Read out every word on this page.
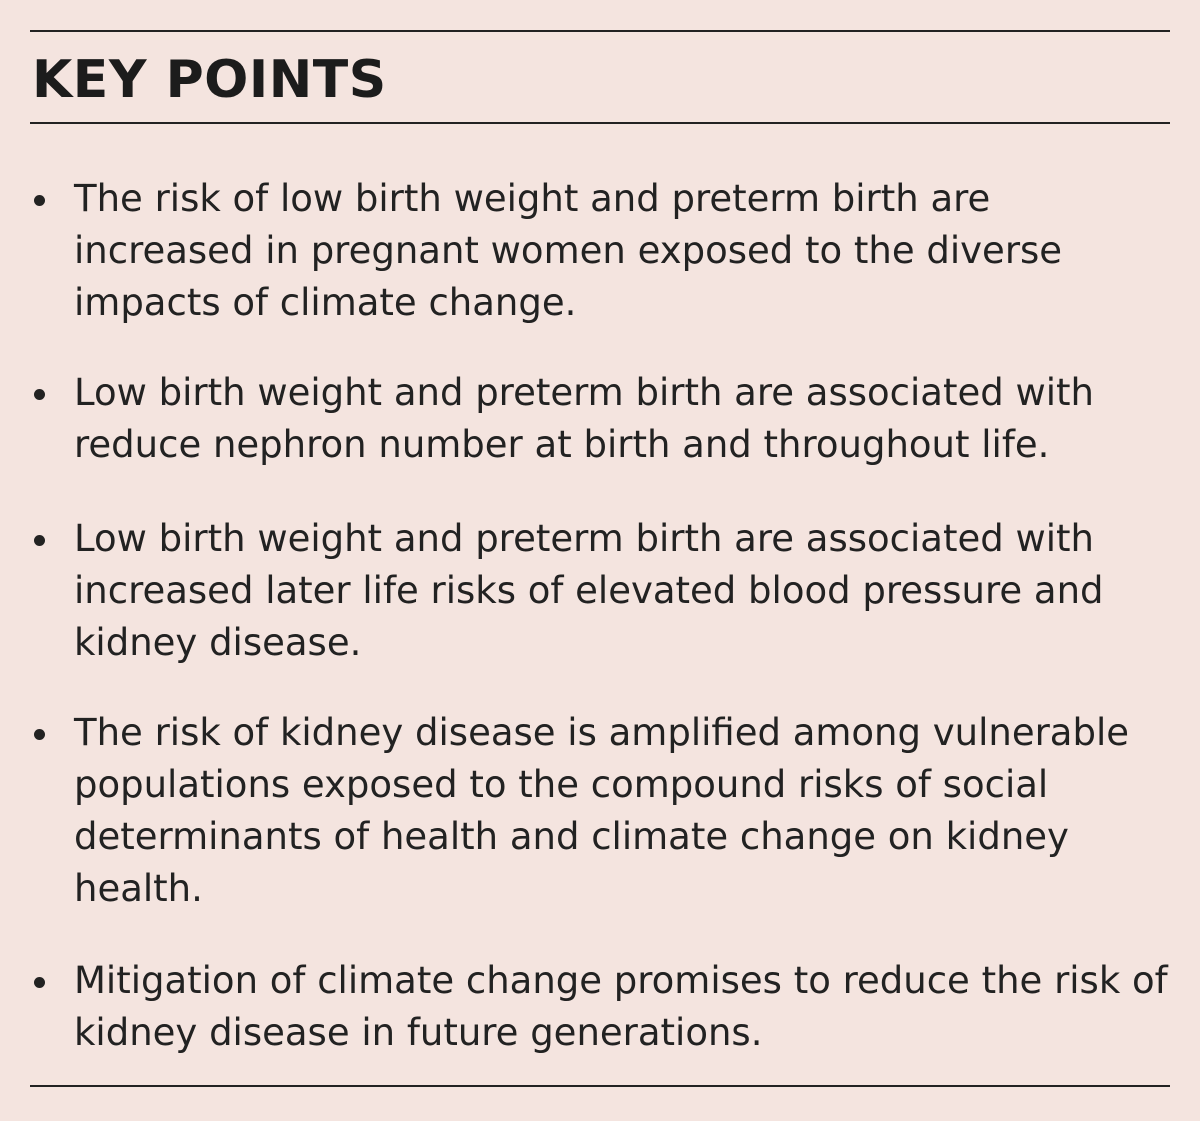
KEY POINTS
The risk of low birth weight and preterm birth are increased in pregnant women exposed to the diverse impacts of climate change.
Low birth weight and preterm birth are associated with reduce nephron number at birth and throughout life.
Low birth weight and preterm birth are associated with increased later life risks of elevated blood pressure and kidney disease.
The risk of kidney disease is amplified among vulnerable populations exposed to the compound risks of social determinants of health and climate change on kidney health.
Mitigation of climate change promises to reduce the risk of kidney disease in future generations.
